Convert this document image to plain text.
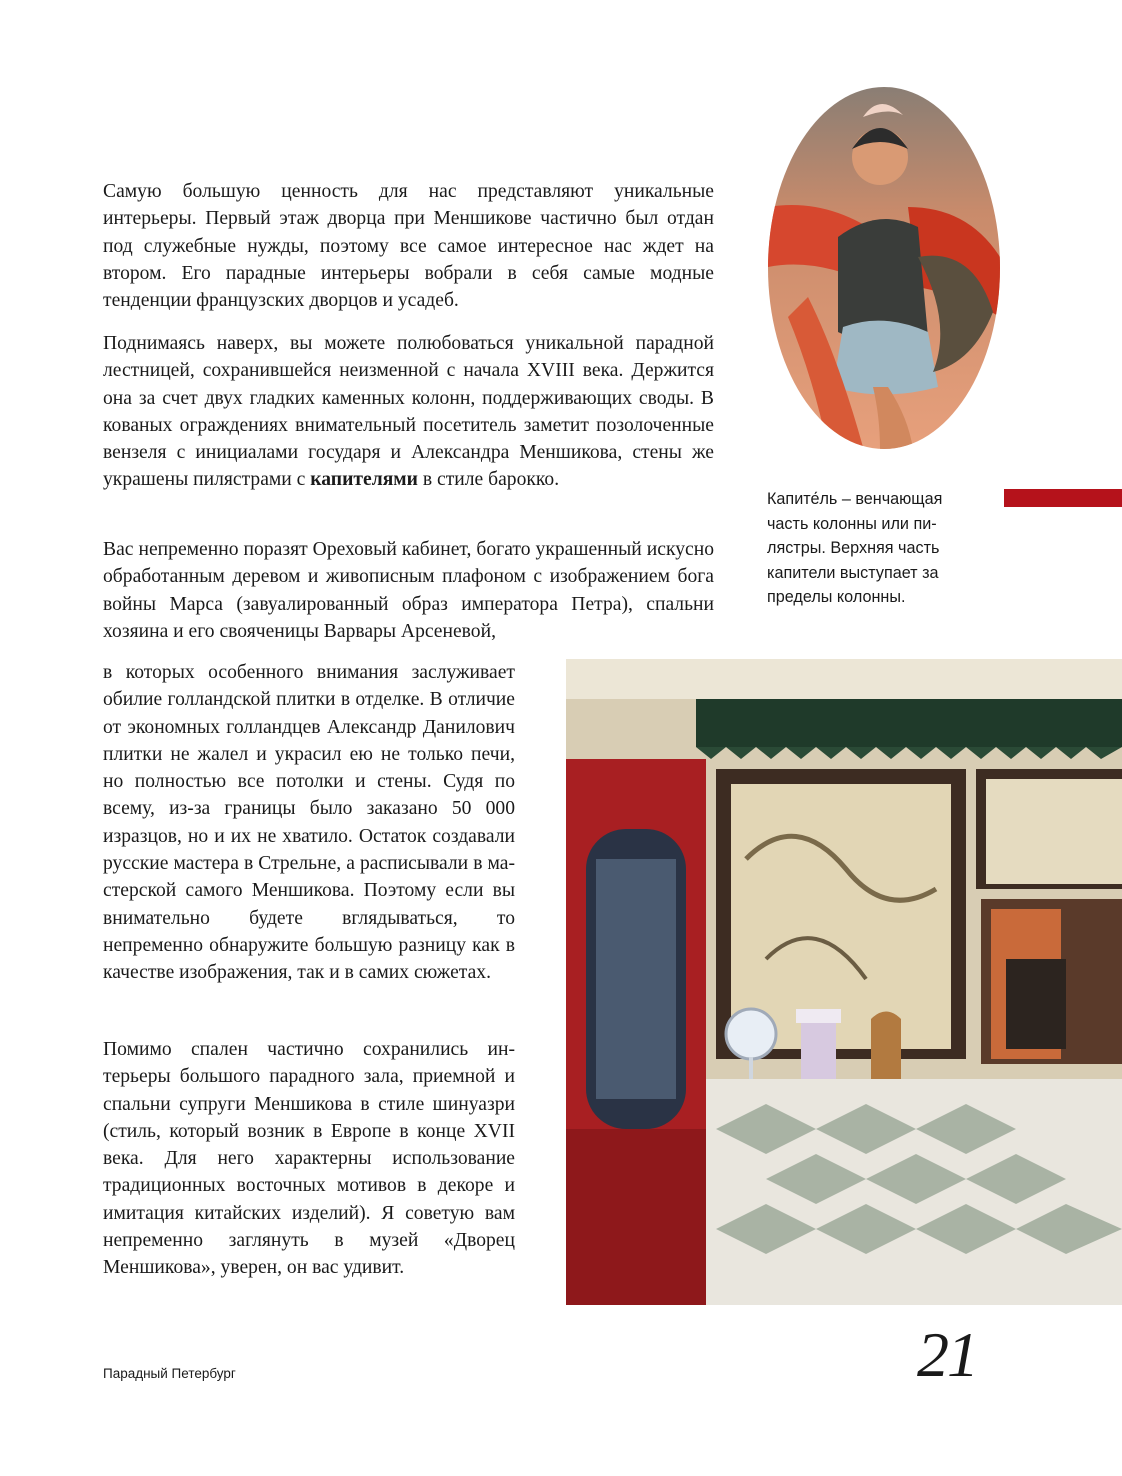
Самую большую ценность для нас представляют уникальные интерьеры. Первый этаж дворца при Меншикове частично был отдан под служебные нужды, поэтому все самое интересное нас ждет на втором. Его парадные интерьеры вобрали в себя самые модные тенденции французских дворцов и усадеб.

Поднимаясь наверх, вы можете полюбоваться уникальной парадной лестницей, сохранившейся неизменной с начала XVIII века. Держится она за счет двух гладких каменных колонн, поддерживающих своды. В кованых ограждениях внимательный посетитель заметит позолоченные вензеля с инициалами государя и Александра Меншикова, стены же украшены пилястрами с капителями в стиле барокко.

Капите́ль – венчающая часть колонны или пилястры. Верхняя часть капители выступает за пределы колонны.

Вас непременно поразят Ореховый кабинет, богато украшенный искусно обработанным деревом и живописным плафоном с изображением бога войны Марса (завуалированный образ императора Петра), спальни хозяина и его свояченицы Варвары Арсеневой,

в которых особенного внимания заслуживает обилие голландской плитки в отделке. В отличие от экономных голландцев Александр Данилович плитки не жалел и украсил ею не только печи, но полностью все потолки и стены. Судя по всему, из-за границы было заказано 50 000 изразцов, но и их не хватило. Остаток создавали русские мастера в Стрельне, а расписывали в мастерской самого Меншикова. Поэтому если вы внимательно будете вглядываться, то непременно обнаружите большую разницу как в качестве изображения, так и в самих сюжетах.

Помимо спален частично сохранились интерьеры большого парадного зала, приемной и спальни супруги Меншикова в стиле шинуазри (стиль, который возник в Европе в конце XVII века. Для него характерны использование традиционных восточных мотивов в декоре и имитация китайских изделий). Я советую вам непременно заглянуть в музей «Дворец Меншикова», уверен, он вас удивит.

Парадный Петербург	21
